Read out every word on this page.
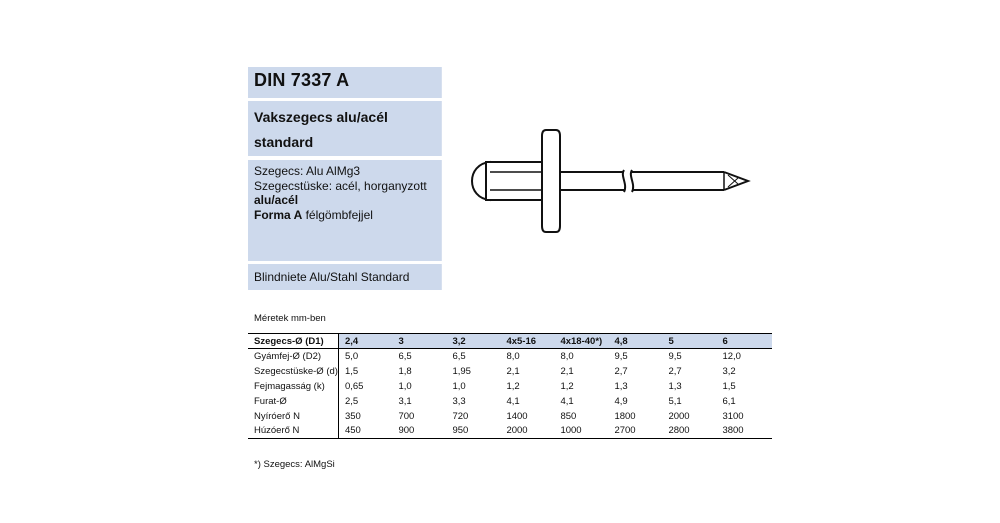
DIN 7337 A
Vakszegecs alu/acél
standard
Szegecs: Alu AlMg3
Szegecstüske: acél, horganyzott
alu/acél
Forma A félgömbfejjel
Blindniete Alu/Stahl Standard
Méretek mm-ben
Szegecs-Ø (D1)	2,4	3	3,2	4x5-16	4x18-40*)	4,8	5	6
Gyámfej-Ø (D2)	5,0	6,5	6,5	8,0	8,0	9,5	9,5	12,0
Szegecstüske-Ø (d)	1,5	1,8	1,95	2,1	2,1	2,7	2,7	3,2
Fejmagasság (k)	0,65	1,0	1,0	1,2	1,2	1,3	1,3	1,5
Furat-Ø	2,5	3,1	3,3	4,1	4,1	4,9	5,1	6,1
Nyíróerő N	350	700	720	1400	850	1800	2000	3100
Húzóerő N	450	900	950	2000	1000	2700	2800	3800
*) Szegecs: AlMgSi
